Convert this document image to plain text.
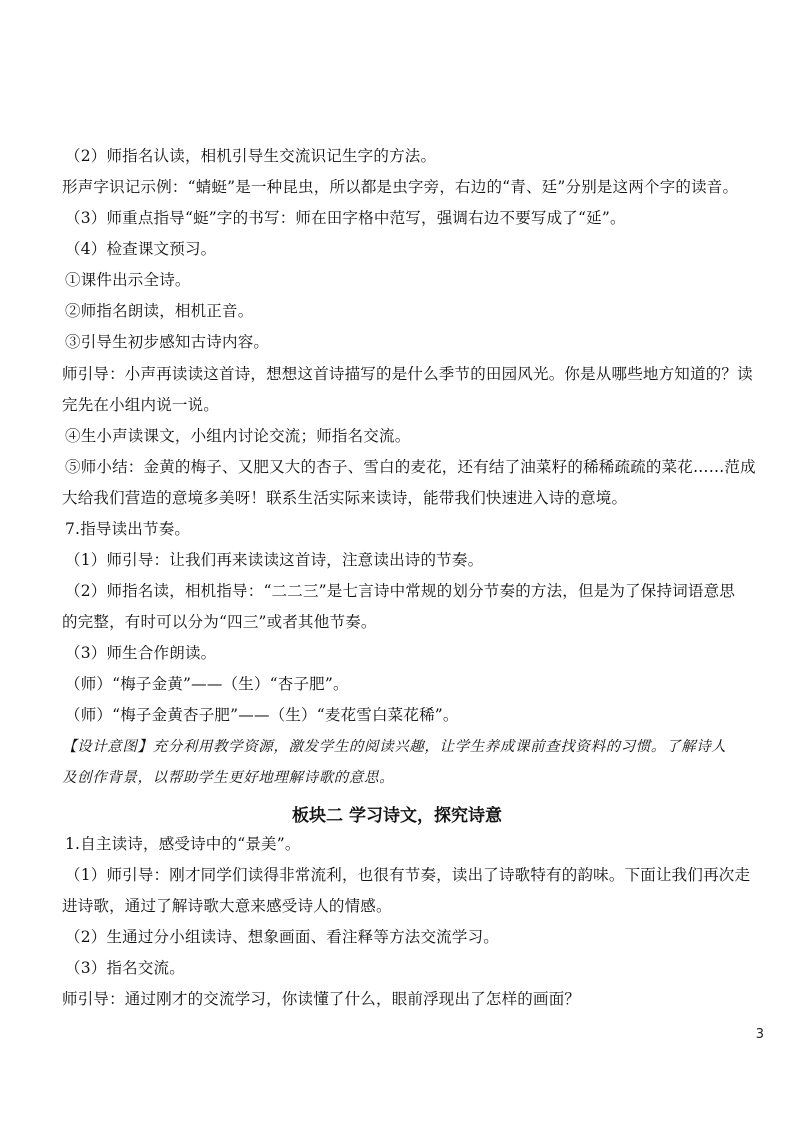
（2）师指名认读，相机引导生交流识记生字的方法。
形声字识记示例：“蜻蜓”是一种昆虫，所以都是虫字旁，右边的“青、廷”分别是这两个字的读音。
（3）师重点指导“蜓”字的书写：师在田字格中范写，强调右边不要写成了“延”。
（4）检查课文预习。
①课件出示全诗。
②师指名朗读，相机正音。
③引导生初步感知古诗内容。
师引导：小声再读读这首诗，想想这首诗描写的是什么季节的田园风光。你是从哪些地方知道的？读
完先在小组内说一说。
④生小声读课文，小组内讨论交流；师指名交流。
⑤师小结：金黄的梅子、又肥又大的杏子、雪白的麦花，还有结了油菜籽的稀稀疏疏的菜花……范成
大给我们营造的意境多美呀！联系生活实际来读诗，能带我们快速进入诗的意境。
7.指导读出节奏。
（1）师引导：让我们再来读读这首诗，注意读出诗的节奏。
（2）师指名读，相机指导：“二二三”是七言诗中常规的划分节奏的方法，但是为了保持词语意思
的完整，有时可以分为“四三”或者其他节奏。
（3）师生合作朗读。
（师）“梅子金黄”——（生）“杏子肥”。
（师）“梅子金黄杏子肥”——（生）“麦花雪白菜花稀”。
【设计意图】充分利用教学资源，激发学生的阅读兴趣，让学生养成课前查找资料的习惯。了解诗人
及创作背景，以帮助学生更好地理解诗歌的意思。
板块二 学习诗文，探究诗意
1.自主读诗，感受诗中的“景美”。
（1）师引导：刚才同学们读得非常流利，也很有节奏，读出了诗歌特有的韵味。下面让我们再次走
进诗歌，通过了解诗歌大意来感受诗人的情感。
（2）生通过分小组读诗、想象画面、看注释等方法交流学习。
（3）指名交流。
师引导：通过刚才的交流学习，你读懂了什么，眼前浮现出了怎样的画面？
3
